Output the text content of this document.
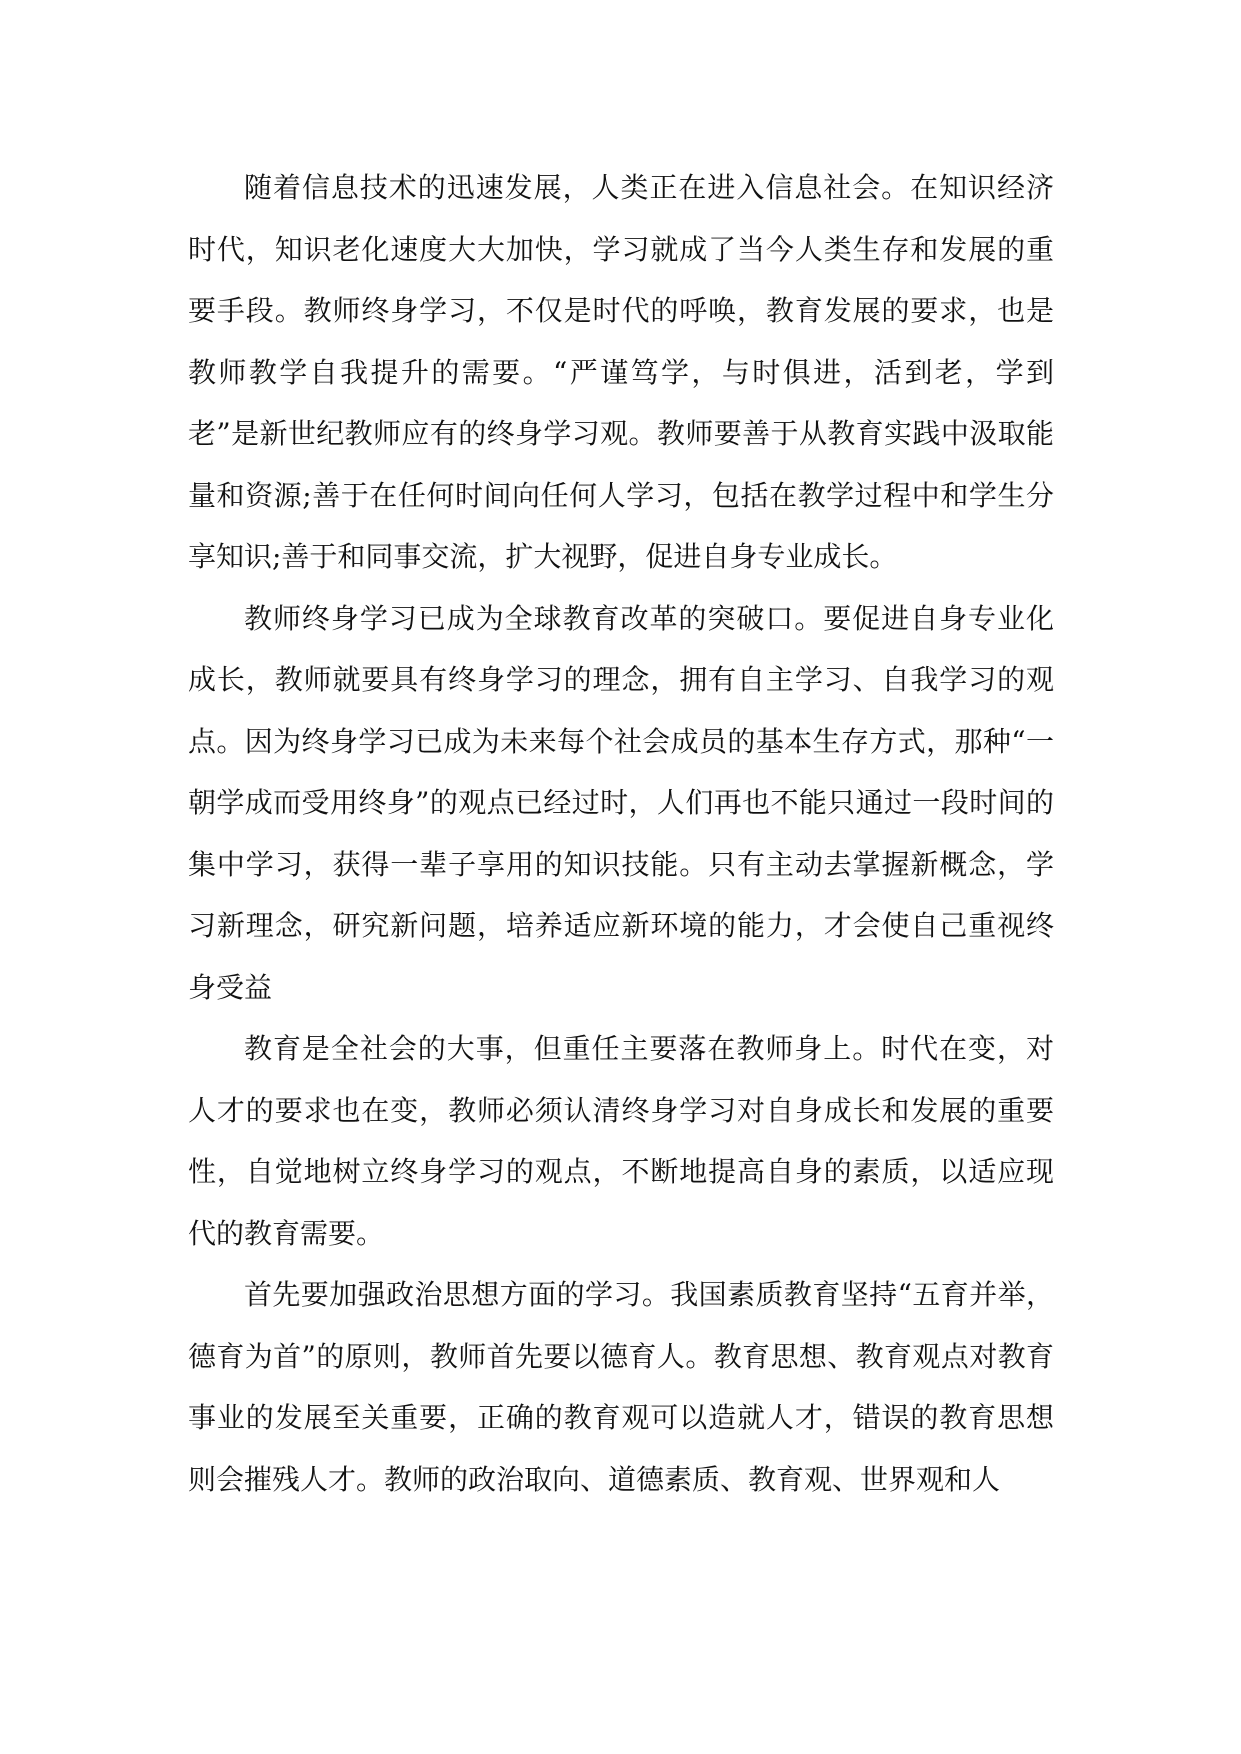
随着信息技术的迅速发展，人类正在进入信息社会。在知识经济时代，知识老化速度大大加快，学习就成了当今人类生存和发展的重要手段。教师终身学习，不仅是时代的呼唤，教育发展的要求，也是教师教学自我提升的需要。“严谨笃学，与时俱进，活到老，学到老”是新世纪教师应有的终身学习观。教师要善于从教育实践中汲取能量和资源;善于在任何时间向任何人学习，包括在教学过程中和学生分享知识;善于和同事交流，扩大视野，促进自身专业成长。

教师终身学习已成为全球教育改革的突破口。要促进自身专业化成长，教师就要具有终身学习的理念，拥有自主学习、自我学习的观点。因为终身学习已成为未来每个社会成员的基本生存方式，那种“一朝学成而受用终身”的观点已经过时，人们再也不能只通过一段时间的集中学习，获得一辈子享用的知识技能。只有主动去掌握新概念，学习新理念，研究新问题，培养适应新环境的能力，才会使自己重视终身受益

教育是全社会的大事，但重任主要落在教师身上。时代在变，对人才的要求也在变，教师必须认清终身学习对自身成长和发展的重要性，自觉地树立终身学习的观点，不断地提高自身的素质，以适应现代的教育需要。

首先要加强政治思想方面的学习。我国素质教育坚持“五育并举，德育为首”的原则，教师首先要以德育人。教育思想、教育观点对教育事业的发展至关重要，正确的教育观可以造就人才，错误的教育思想则会摧残人才。教师的政治取向、道德素质、教育观、世界观和人
